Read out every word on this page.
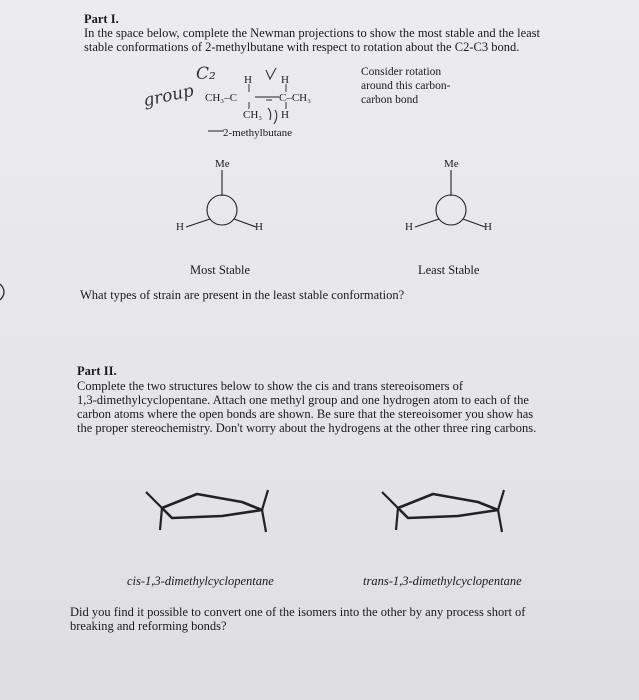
Part I.
In the space below, complete the Newman projections to show the most stable and the least
stable conformations of 2-methylbutane with respect to rotation about the C2-C3 bond.
group
C₂	H	H
CH₃–C	C–CH₃
CH₃ H
2-methylbutane
Consider rotation
around this carbon-
carbon bond
Me
H	H
Most Stable
Me
H	H
Least Stable
What types of strain are present in the least stable conformation?
Part II.
Complete the two structures below to show the cis and trans stereoisomers of
1,3-dimethylcyclopentane. Attach one methyl group and one hydrogen atom to each of the
carbon atoms where the open bonds are shown. Be sure that the stereoisomer you show has
the proper stereochemistry. Don't worry about the hydrogens at the other three ring carbons.
cis-1,3-dimethylcyclopentane	trans-1,3-dimethylcyclopentane
Did you find it possible to convert one of the isomers into the other by any process short of
breaking and reforming bonds?
